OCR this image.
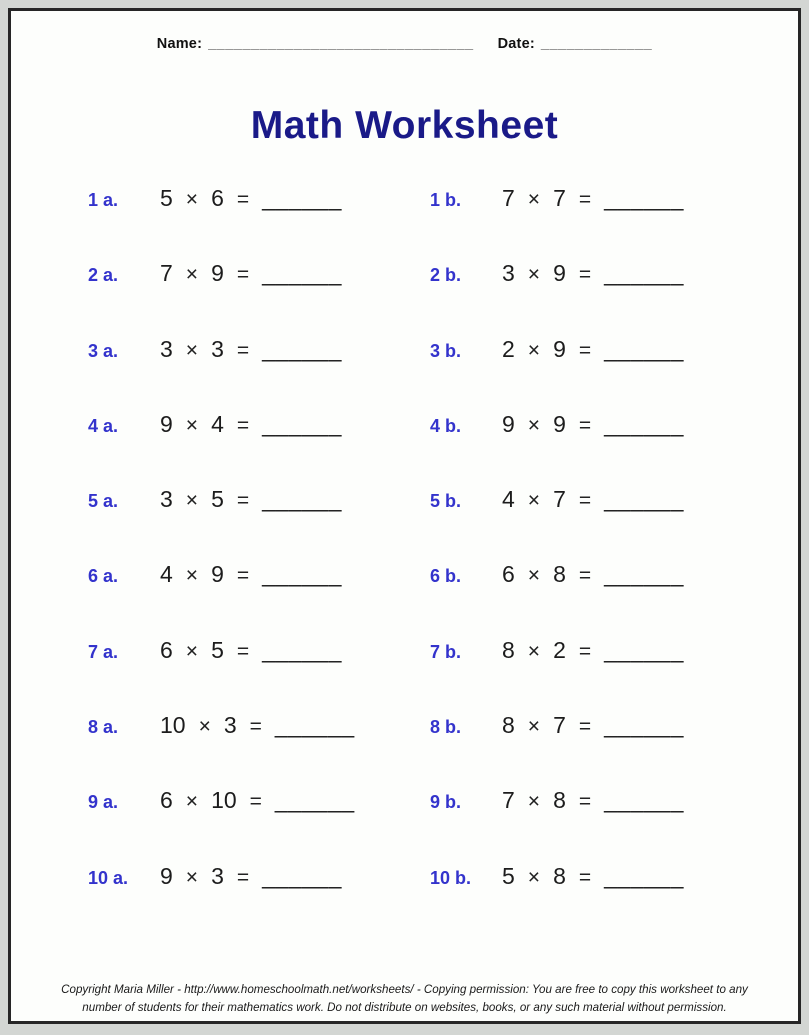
Name: _______________________________ Date: _____________
Math Worksheet
1 a.	5 × 6 = ______	1 b.	7 × 7 = ______
2 a.	7 × 9 = ______	2 b.	3 × 9 = ______
3 a.	3 × 3 = ______	3 b.	2 × 9 = ______
4 a.	9 × 4 = ______	4 b.	9 × 9 = ______
5 a.	3 × 5 = ______	5 b.	4 × 7 = ______
6 a.	4 × 9 = ______	6 b.	6 × 8 = ______
7 a.	6 × 5 = ______	7 b.	8 × 2 = ______
8 a.	10 × 3 = ______	8 b.	8 × 7 = ______
9 a.	6 × 10 = ______	9 b.	7 × 8 = ______
10 a.	9 × 3 = ______	10 b.	5 × 8 = ______
Copyright Maria Miller - http://www.homeschoolmath.net/worksheets/ - Copying permission: You are free to copy this worksheet to any
number of students for their mathematics work. Do not distribute on websites, books, or any such material without permission.
